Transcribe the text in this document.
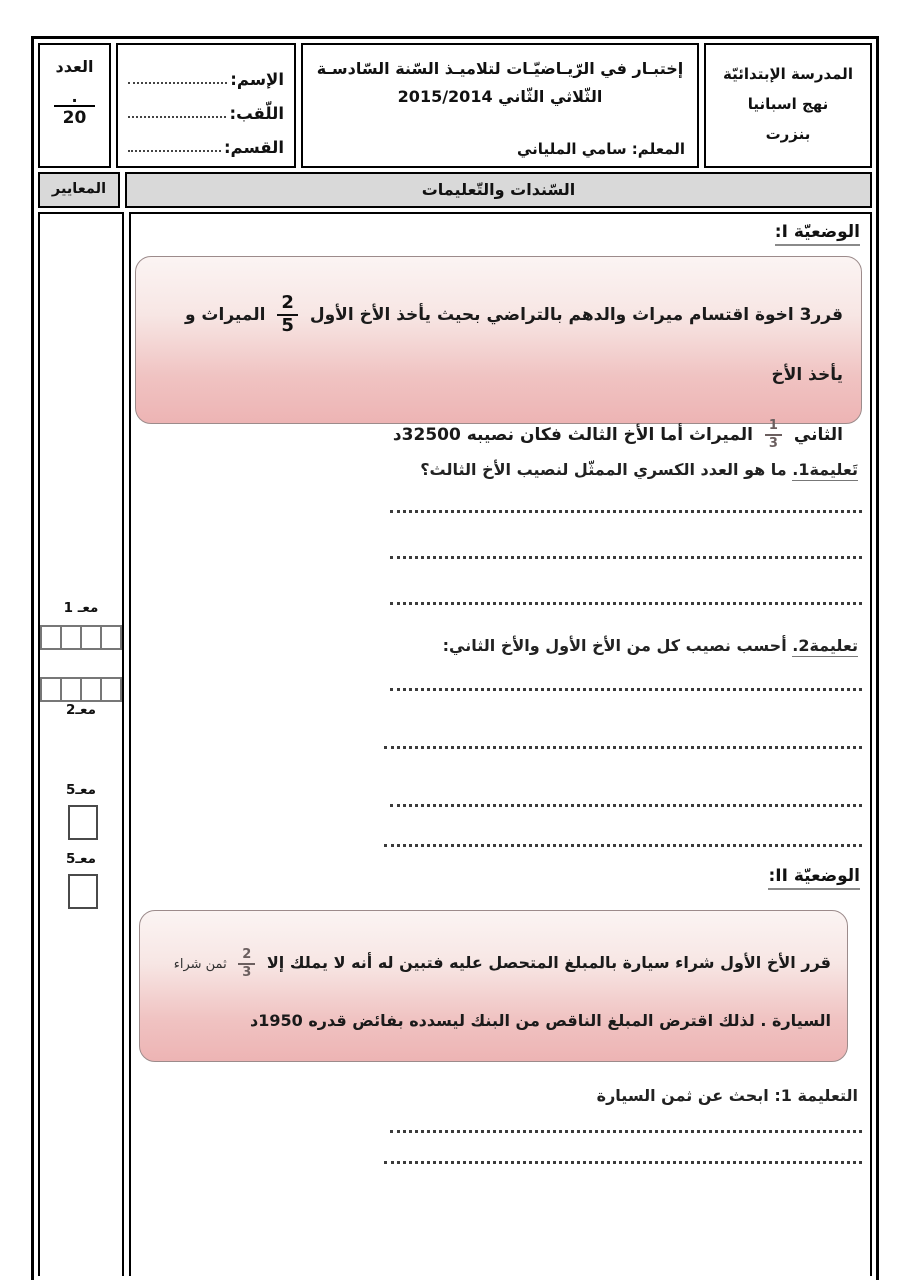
المدرسة الإبتدائيّة
نهج اسبانيا
بنزرت
إختبـار في الرّيـاضيّـات لتلاميـذ السّنة السّادسـة
الثّلاثي الثّاني 2015/2014
المعلم: سامي الملياني
الإسم:
اللّقب:
القسم:
العدد
.
20
السّندات والتّعليمات
المعايير
الوضعيّة I:
قرر3 اخوة اقتسام ميراث والدهم بالتراضي بحيث يأخذ الأخ الأول
$\frac{2}{5}$
الميراث و يأخذ الأخ
الثاني
$\frac{1}{3}$
الميراث أما الأخ الثالث فكان نصيبه 32500د
تَعليمة1. ما هو العدد الكسري الممثّل لنصيب الأخ الثالث؟
تعليمة2. أحسب نصيب كل من الأخ الأول والأخ الثاني:
الوضعيّة II:
قرر الأخ الأول شراء سيارة بالمبلغ المتحصل عليه فتبين له أنه لا يملك إلا
$\frac{2}{3}$
ثمن شراء
السيارة . لذلك اقترض المبلغ الناقص من البنك ليسدده بفائض قدره 1950د
التعليمة 1: ابحث عن ثمن السيارة
معـ 1
معـ2
معـ5
معـ5
